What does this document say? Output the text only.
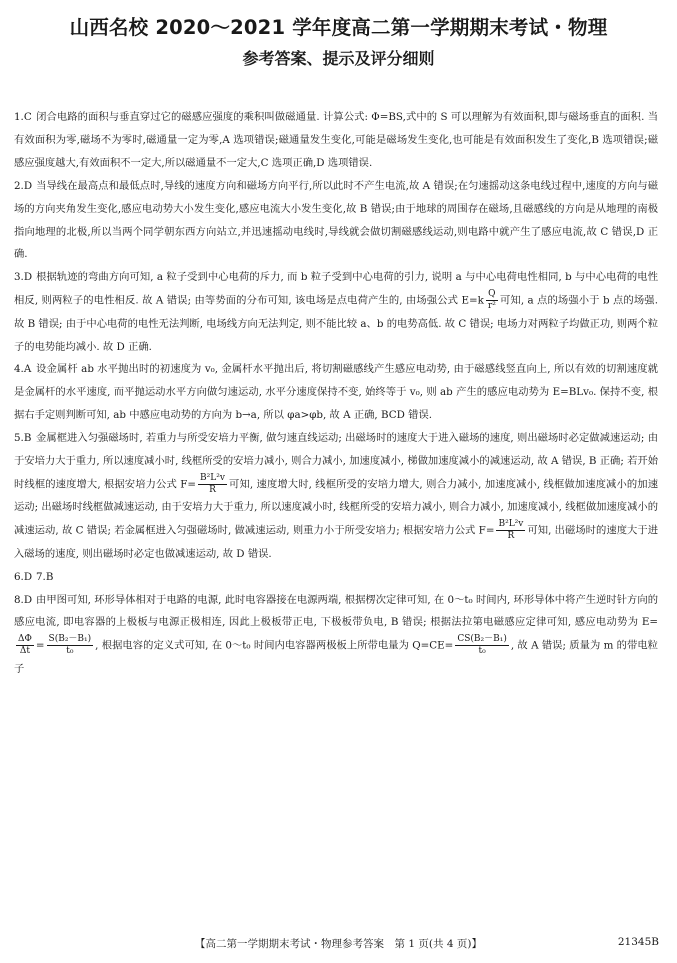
山西名校 2020～2021 学年度高二第一学期期末考试・物理
参考答案、提示及评分细则

1.C 闭合电路的面积与垂直穿过它的磁感应强度的乘积叫做磁通量. 计算公式: Φ=BS,式中的 S 可以理解为有效面积,即与磁场垂直的面积. 当有效面积为零,磁场不为零时,磁通量一定为零,A 选项错误;磁通量发生变化,可能是磁场发生变化,也可能是有效面积发生了变化,B 选项错误;磁感应强度越大,有效面积不一定大,所以磁通量不一定大,C 选项正确,D 选项错误.

2.D 当导线在最高点和最低点时,导线的速度方向和磁场方向平行,所以此时不产生电流,故 A 错误;在匀速摇动这条电线过程中,速度的方向与磁场的方向夹角发生变化,感应电动势大小发生变化,感应电流大小发生变化,故 B 错误;由于地球的周围存在磁场,且磁感线的方向是从地理的南极指向地理的北极,所以当两个同学朝东西方向站立,并迅速摇动电线时,导线就会做切割磁感线运动,则电路中就产生了感应电流,故 C 错误,D 正确.

3.D 根据轨迹的弯曲方向可知, a 粒子受到中心电荷的斥力, 而 b 粒子受到中心电荷的引力, 说明 a 与中心电荷电性相同, b 与中心电荷的电性相反, 则两粒子的电性相反. 故 A 错误; 由等势面的分布可知, 该电场是点电荷产生的, 由场强公式 $E=k \frac{Q}{\text{r²}}$ 可知, a 点的场强小于 b 点的场强. 故 B 错误; 由于中心电荷的电性无法判断, 电场线方向无法判定, 则不能比较 a、b 的电势高低. 故 C 错误; 电场力对两粒子均做正功, 则两个粒子的电势能均减小. 故 D 正确.

4.A 设金属杆 ab 水平抛出时的初速度为 v₀, 金属杆水平抛出后, 将切割磁感线产生感应电动势, 由于磁感线竖直向上, 所以有效的切割速度就是金属杆的水平速度, 而平抛运动水平方向做匀速运动, 水平分速度保持不变, 始终等于 v₀, 则 ab 产生的感应电动势为 E=BLv₀. 保持不变, 根据右手定则判断可知, ab 中感应电动势的方向为 b→a, 所以 φa>φb, 故 A 正确, BCD 错误.

5.B 金属框进入匀强磁场时, 若重力与所受安培力平衡, 做匀速直线运动; 出磁场时的速度大于进入磁场的速度, 则出磁场时必定做减速运动; 由于安培力大于重力, 所以速度减小时, 线框所受的安培力减小, 则合力减小, 加速度减小, 梯做加速度减小的减速运动, 故 A 错误, B 正确; 若开始时线框的速度增大, 根据安培力公式 $F= \frac{\text{B²L²v}}{R}$ 可知, 速度增大时, 线框所受的安培力增大, 则合力减小, 加速度减小, 线框做加速度减小的加速运动; 出磁场时线框做减速运动, 由于安培力大于重力, 所以速度减小时, 线框所受的安培力减小, 则合力减小, 加速度减小, 线框做加速度减小的减速运动, 故 C 错误; 若金属框进入匀强磁场时, 做减速运动, 则重力小于所受安培力; 根据安培力公式 $F= \frac{\text{B²L²v}}{R}$ 可知, 出磁场时的速度大于进入磁场的速度, 则出磁场时必定也做减速运动, 故 D 错误.

6.D 7.B

8.D 由甲图可知, 环形导体相对于电路的电源, 此时电容器接在电源两端, 根据楞次定律可知, 在 0～t₀ 时间内, 环形导体中将产生逆时针方向的感应电流, 即电容器的上极板与电源正极相连, 因此上极板带正电, 下极板带负电, B 错误; 根据法拉第电磁感应定律可知, 感应电动势为 E=
$\frac{\Delta\Phi}{\Delta t} = \frac{\text{S(B₂－B₁)}}{\text{t₀}}$ , 根据电容的定义式可知, 在 0～t₀ 时间内电容器两极板上所带电量为 $Q=CE= \frac{\text{CS(B₂－B₁)}}{\text{t₀}}$ , 故 A 错误; 质量为 m 的带电粒子

【高二第一学期期末考试・物理参考答案　第 1 页(共 4 页)】	21345B
